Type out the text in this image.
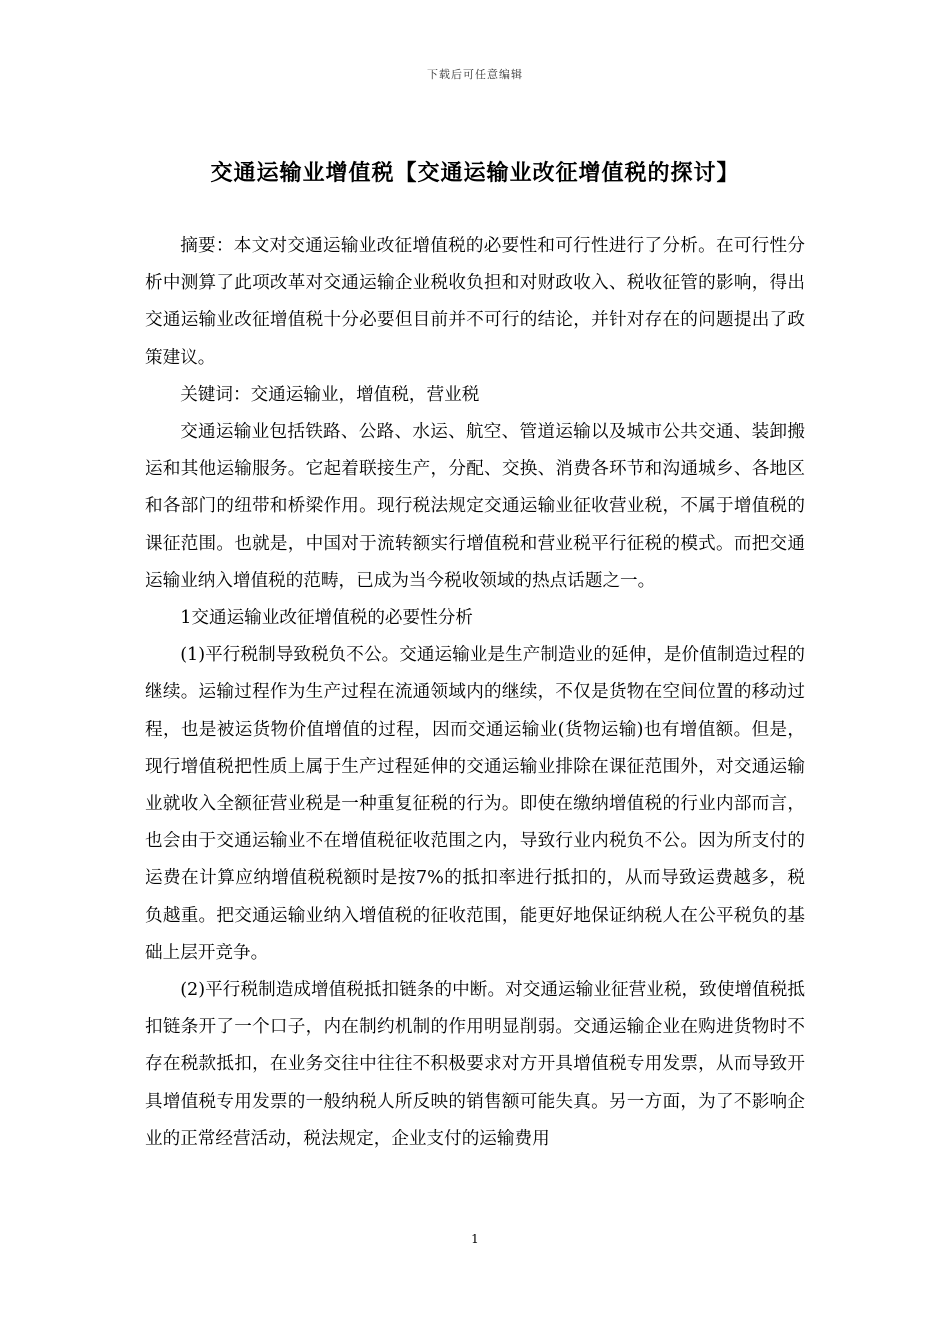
下载后可任意编辑
交通运输业增值税【交通运输业改征增值税的探讨】

摘要：本文对交通运输业改征增值税的必要性和可行性进行了分析。在可行性分析中测算了此项改革对交通运输企业税收负担和对财政收入、税收征管的影响，得出交通运输业改征增值税十分必要但目前并不可行的结论，并针对存在的问题提出了政策建议。

关键词：交通运输业，增值税，营业税

交通运输业包括铁路、公路、水运、航空、管道运输以及城市公共交通、装卸搬运和其他运输服务。它起着联接生产，分配、交换、消费各环节和沟通城乡、各地区和各部门的纽带和桥梁作用。现行税法规定交通运输业征收营业税，不属于增值税的课征范围。也就是，中国对于流转额实行增值税和营业税平行征税的模式。而把交通运输业纳入增值税的范畴，已成为当今税收领域的热点话题之一。

1交通运输业改征增值税的必要性分析

(1)平行税制导致税负不公。交通运输业是生产制造业的延伸，是价值制造过程的继续。运输过程作为生产过程在流通领域内的继续，不仅是货物在空间位置的移动过程，也是被运货物价值增值的过程，因而交通运输业(货物运输)也有增值额。但是，现行增值税把性质上属于生产过程延伸的交通运输业排除在课征范围外，对交通运输业就收入全额征营业税是一种重复征税的行为。即使在缴纳增值税的行业内部而言，也会由于交通运输业不在增值税征收范围之内，导致行业内税负不公。因为所支付的运费在计算应纳增值税税额时是按7%的抵扣率进行抵扣的，从而导致运费越多，税负越重。把交通运输业纳入增值税的征收范围，能更好地保证纳税人在公平税负的基础上层开竞争。

(2)平行税制造成增值税抵扣链条的中断。对交通运输业征营业税，致使增值税抵扣链条开了一个口子，内在制约机制的作用明显削弱。交通运输企业在购进货物时不存在税款抵扣，在业务交往中往往不积极要求对方开具增值税专用发票，从而导致开具增值税专用发票的一般纳税人所反映的销售额可能失真。另一方面，为了不影响企业的正常经营活动，税法规定，企业支付的运输费用

1
